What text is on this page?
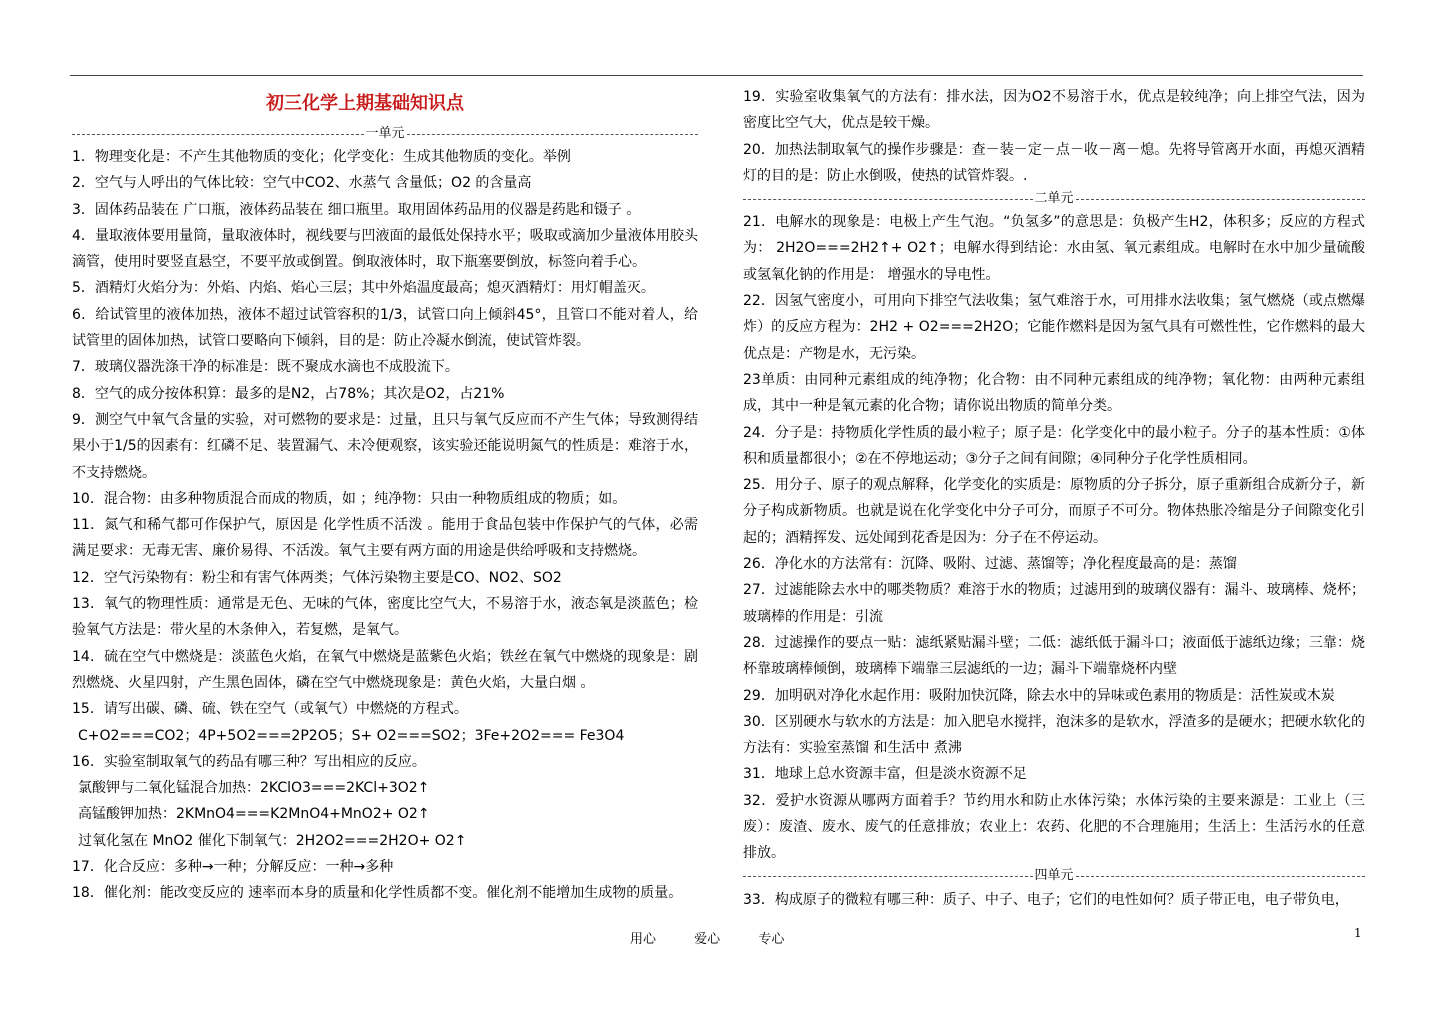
初三化学上期基础知识点
一单元

1．物理变化是：不产生其他物质的变化；化学变化：生成其他物质的变化。举例

2．空气与人呼出的气体比较：空气中CO2、水蒸气 含量低；O2 的含量高

3．固体药品装在 广口瓶，液体药品装在 细口瓶里。取用固体药品用的仪器是药匙和镊子 。

4．量取液体要用量筒，量取液体时，视线要与凹液面的最低处保持水平；吸取或滴加少量液体用胶头滴管，使用时要竖直悬空，不要平放或倒置。倒取液体时，取下瓶塞要倒放，标签向着手心。

5．酒精灯火焰分为：外焰、内焰、焰心三层；其中外焰温度最高；熄灭酒精灯：用灯帽盖灭。

6．给试管里的液体加热，液体不超过试管容积的1/3，试管口向上倾斜45°，且管口不能对着人，给试管里的固体加热，试管口要略向下倾斜，目的是：防止冷凝水倒流，使试管炸裂。

7．玻璃仪器洗涤干净的标准是：既不聚成水滴也不成股流下。

8．空气的成分按体积算：最多的是N2，占78%；其次是O2，占21%

9．测空气中氧气含量的实验，对可燃物的要求是：过量，且只与氧气反应而不产生气体；导致测得结果小于1/5的因素有：红磷不足、装置漏气、未冷便观察，该实验还能说明氮气的性质是：难溶于水，不支持燃烧。

10．混合物：由多种物质混合而成的物质，如 ；纯净物：只由一种物质组成的物质；如。

11．氮气和稀气都可作保护气，原因是 化学性质不活泼 。能用于食品包装中作保护气的气体，必需满足要求：无毒无害、廉价易得、不活泼。氧气主要有两方面的用途是供给呼吸和支持燃烧。

12．空气污染物有：粉尘和有害气体两类；气体污染物主要是CO、NO2、SO2

13．氧气的物理性质：通常是无色、无味的气体，密度比空气大，不易溶于水，液态氧是淡蓝色；检验氧气方法是：带火星的木条伸入，若复燃，是氧气。

14．硫在空气中燃烧是：淡蓝色火焰，在氧气中燃烧是蓝紫色火焰；铁丝在氧气中燃烧的现象是：剧烈燃烧、火星四射，产生黑色固体，磷在空气中燃烧现象是：黄色火焰，大量白烟 。

15．请写出碳、磷、硫、铁在空气（或氧气）中燃烧的方程式。

C+O2===CO2；4P+5O2===2P2O5；S+ O2===SO2；3Fe+2O2=== Fe3O4

16．实验室制取氧气的药品有哪三种？写出相应的反应。

氯酸钾与二氧化锰混合加热：2KClO3===2KCl+3O2↑

高锰酸钾加热：2KMnO4===K2MnO4+MnO2+ O2↑

过氧化氢在 MnO2 催化下制氧气：2H2O2===2H2O+ O2↑

17．化合反应：多种→一种；分解反应：一种→多种

18．催化剂：能改变反应的 速率而本身的质量和化学性质都不变。催化剂不能增加生成物的质量。

19．实验室收集氧气的方法有：排水法，因为O2不易溶于水，优点是较纯净；向上排空气法，因为密度比空气大，优点是较干燥。

20．加热法制取氧气的操作步骤是：查－装－定－点－收－离－熄。先将导管离开水面，再熄灭酒精灯的目的是：防止水倒吸，使热的试管炸裂。.

二单元

21．电解水的现象是：电极上产生气泡。“负氢多”的意思是：负极产生H2，体积多；反应的方程式为： 2H2O===2H2↑+ O2↑；电解水得到结论：水由氢、氧元素组成。电解时在水中加少量硫酸或氢氧化钠的作用是： 增强水的导电性。

22．因氢气密度小，可用向下排空气法收集；氢气难溶于水，可用排水法收集；氢气燃烧（或点燃爆炸）的反应方程为：2H2 + O2===2H2O；它能作燃料是因为氢气具有可燃性性，它作燃料的最大优点是：产物是水，无污染。

23单质：由同种元素组成的纯净物；化合物：由不同种元素组成的纯净物；氧化物：由两种元素组成，其中一种是氧元素的化合物；请你说出物质的简单分类。

24．分子是：持物质化学性质的最小粒子；原子是：化学变化中的最小粒子。分子的基本性质：①体积和质量都很小；②在不停地运动；③分子之间有间隙；④同种分子化学性质相同。

25．用分子、原子的观点解释，化学变化的实质是：原物质的分子拆分，原子重新组合成新分子，新分子构成新物质。也就是说在化学变化中分子可分，而原子不可分。物体热胀冷缩是分子间隙变化引起的；酒精挥发、远处闻到花香是因为：分子在不停运动。

26．净化水的方法常有：沉降、吸附、过滤、蒸馏等；净化程度最高的是：蒸馏

27．过滤能除去水中的哪类物质？难溶于水的物质；过滤用到的玻璃仪器有：漏斗、玻璃棒、烧杯；玻璃棒的作用是：引流

28．过滤操作的要点一贴：滤纸紧贴漏斗壁；二低：滤纸低于漏斗口；液面低于滤纸边缘；三靠：烧杯靠玻璃棒倾倒，玻璃棒下端靠三层滤纸的一边；漏斗下端靠烧杯内壁

29．加明矾对净化水起作用：吸附加快沉降，除去水中的异味或色素用的物质是：活性炭或木炭

30．区别硬水与软水的方法是：加入肥皂水搅拌，泡沫多的是软水，浮渣多的是硬水；把硬水软化的方法有：实验室蒸馏 和生活中 煮沸

31．地球上总水资源丰富，但是淡水资源不足

32．爱护水资源从哪两方面着手？节约用水和防止水体污染；水体污染的主要来源是：工业上（三废）：废渣、废水、废气的任意排放；农业上：农药、化肥的不合理施用；生活上：生活污水的任意排放。

四单元

33．构成原子的微粒有哪三种：质子、中子、电子；它们的电性如何？质子带正电，电子带负电，

用心	爱心	专心	1
